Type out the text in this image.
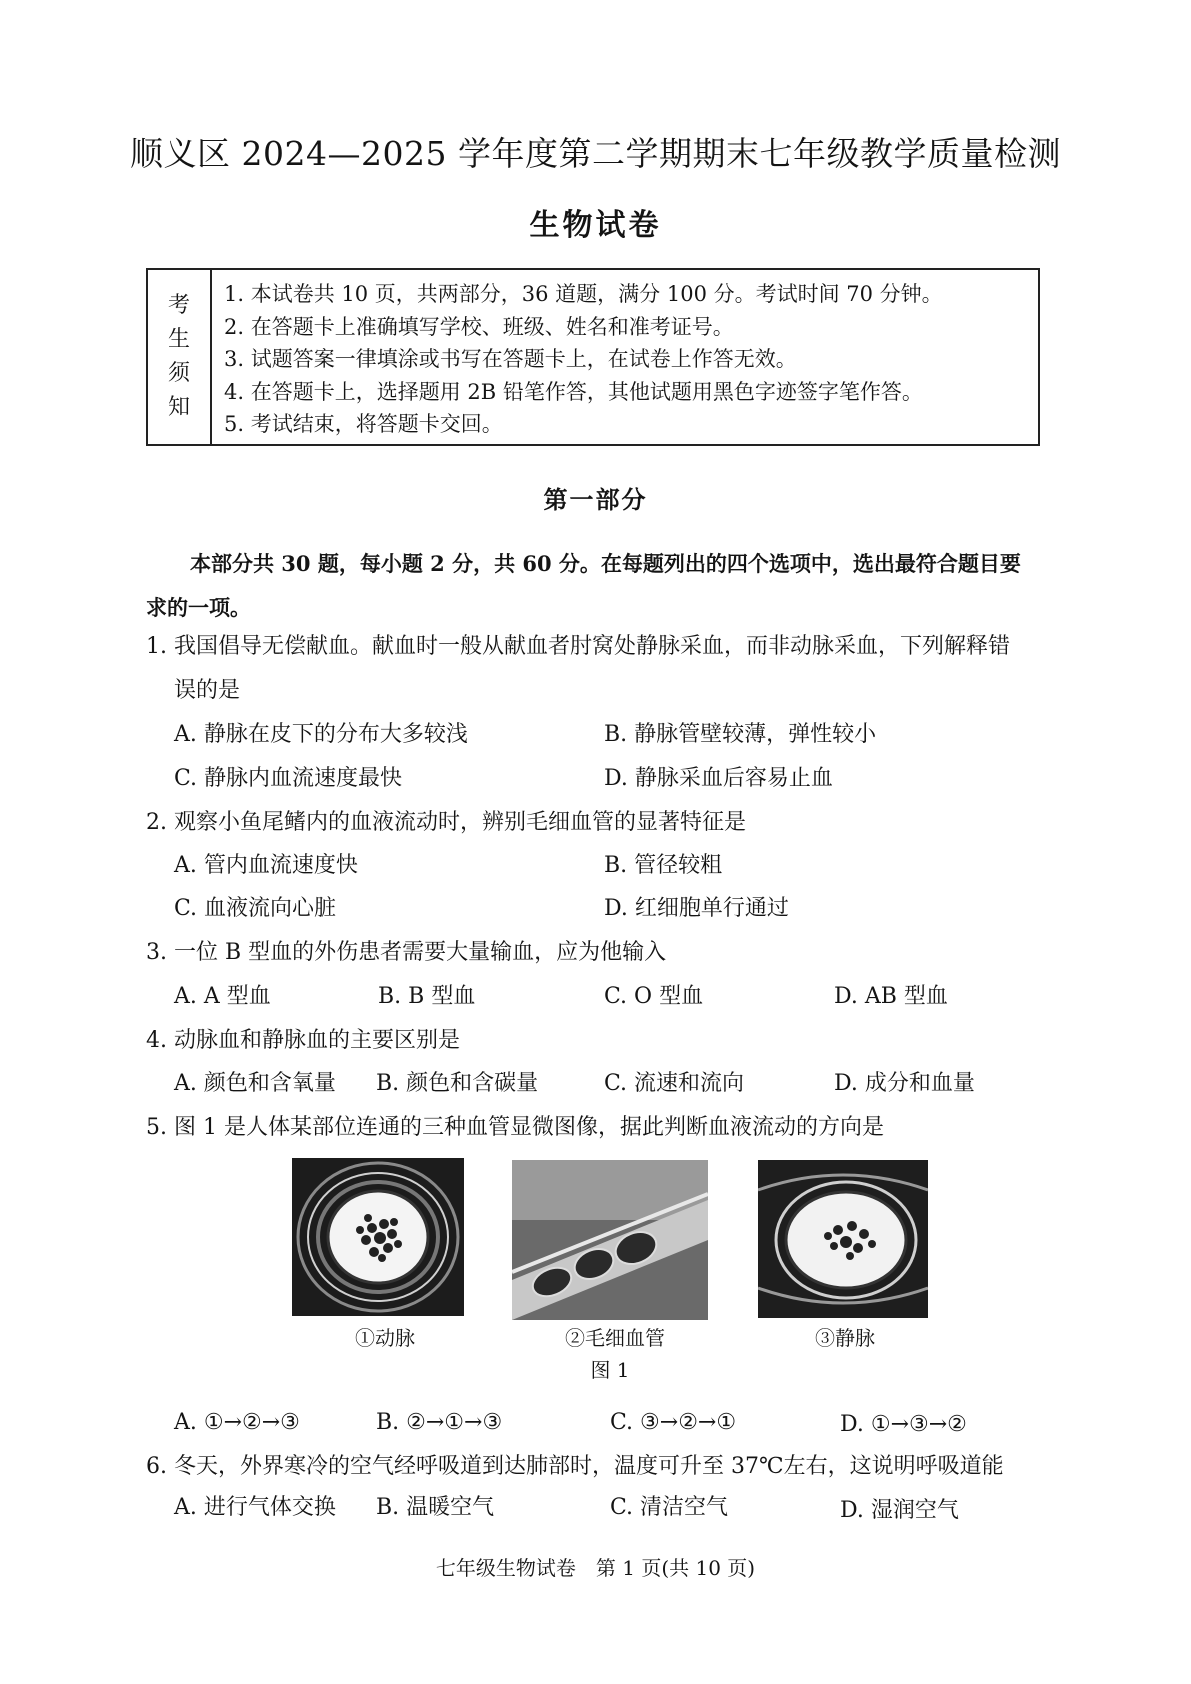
顺义区 2024—2025 学年度第二学期期末七年级教学质量检测
生物试卷
考
生
须
知
1. 本试卷共 10 页，共两部分，36 道题，满分 100 分。考试时间 70 分钟。
2. 在答题卡上准确填写学校、班级、姓名和准考证号。
3. 试题答案一律填涂或书写在答题卡上，在试卷上作答无效。
4. 在答题卡上，选择题用 2B 铅笔作答，其他试题用黑色字迹签字笔作答。
5. 考试结束，将答题卡交回。
第一部分
本部分共 30 题，每小题 2 分，共 60 分。在每题列出的四个选项中，选出最符合题目要
求的一项。
1. 我国倡导无偿献血。献血时一般从献血者肘窝处静脉采血，而非动脉采血，下列解释错
误的是
A. 静脉在皮下的分布大多较浅	B. 静脉管壁较薄，弹性较小
C. 静脉内血流速度最快	D. 静脉采血后容易止血
2. 观察小鱼尾鳍内的血液流动时，辨别毛细血管的显著特征是
A. 管内血流速度快	B. 管径较粗
C. 血液流向心脏	D. 红细胞单行通过
3. 一位 B 型血的外伤患者需要大量输血，应为他输入
A. A 型血	B. B 型血	C. O 型血	D. AB 型血
4. 动脉血和静脉血的主要区别是
A. 颜色和含氧量 B. 颜色和含碳量	C. 流速和流向	D. 成分和血量
5. 图 1 是人体某部位连通的三种血管显微图像，据此判断血液流动的方向是
①动脉	②毛细血管	③静脉
图 1
A. ①→②→③	B. ②→①→③	C. ③→②→①	D. ①→③→②
6. 冬天，外界寒冷的空气经呼吸道到达肺部时，温度可升至 37℃左右，这说明呼吸道能
A. 进行气体交换 B. 温暖空气	C. 清洁空气	D. 湿润空气
七年级生物试卷　第 1 页(共 10 页)
